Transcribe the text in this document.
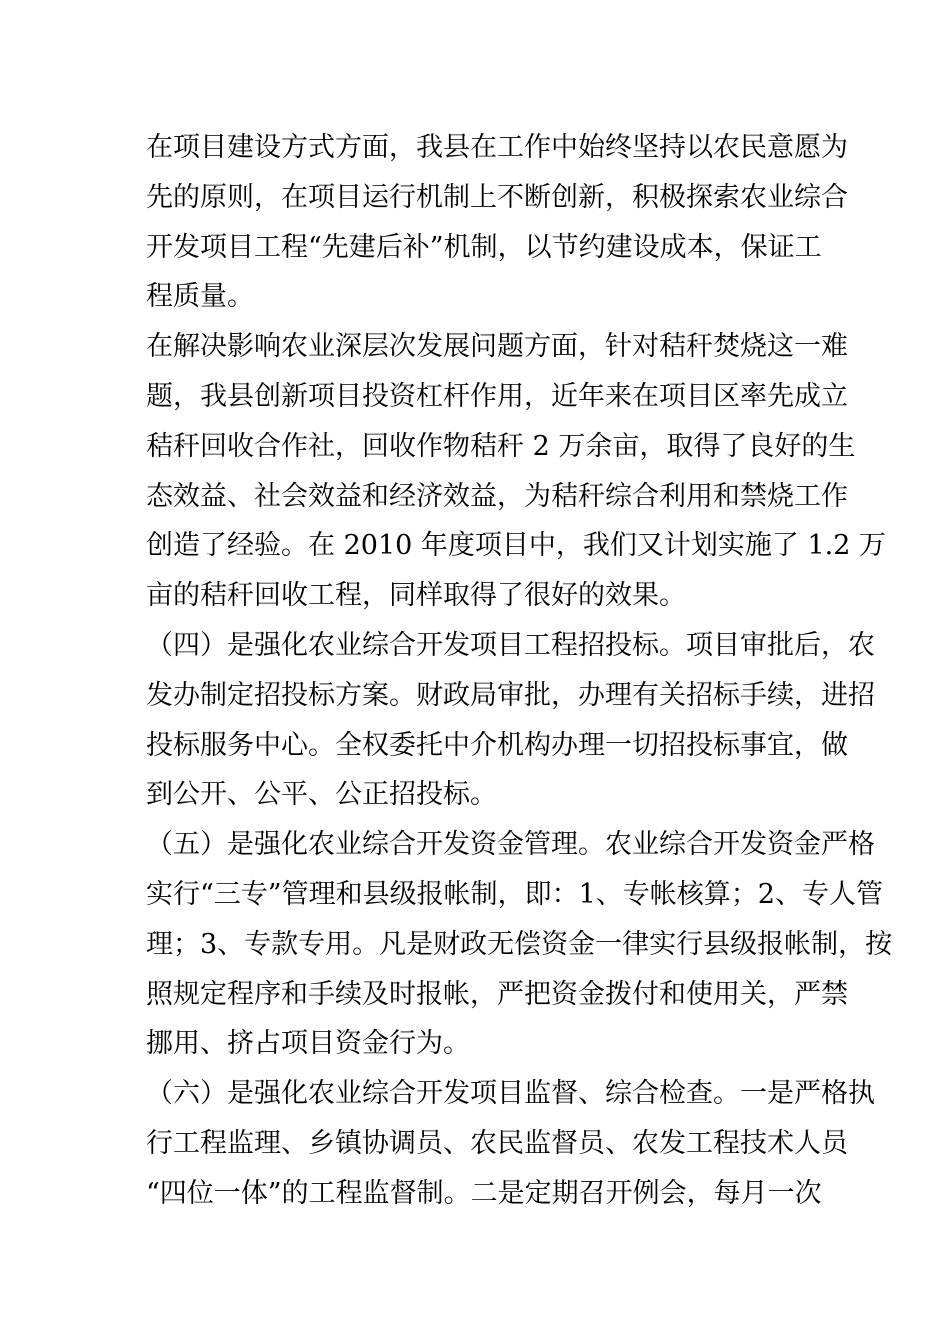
在项目建设方式方面，我县在工作中始终坚持以农民意愿为
先的原则，在项目运行机制上不断创新，积极探索农业综合
开发项目工程“先建后补”机制，以节约建设成本，保证工
程质量。
在解决影响农业深层次发展问题方面，针对秸秆焚烧这一难
题，我县创新项目投资杠杆作用，近年来在项目区率先成立
秸秆回收合作社，回收作物秸秆 2 万余亩，取得了良好的生
态效益、社会效益和经济效益，为秸秆综合利用和禁烧工作
创造了经验。在 2010 年度项目中，我们又计划实施了 1.2 万
亩的秸秆回收工程，同样取得了很好的效果。
（四）是强化农业综合开发项目工程招投标。项目审批后，农
发办制定招投标方案。财政局审批，办理有关招标手续，进招
投标服务中心。全权委托中介机构办理一切招投标事宜，做
到公开、公平、公正招投标。
（五）是强化农业综合开发资金管理。农业综合开发资金严格
实行“三专”管理和县级报帐制，即：1、专帐核算；2、专人管
理；3、专款专用。凡是财政无偿资金一律实行县级报帐制，按
照规定程序和手续及时报帐，严把资金拨付和使用关，严禁
挪用、挤占项目资金行为。
（六）是强化农业综合开发项目监督、综合检查。一是严格执
行工程监理、乡镇协调员、农民监督员、农发工程技术人员
“四位一体”的工程监督制。二是定期召开例会，每月一次
